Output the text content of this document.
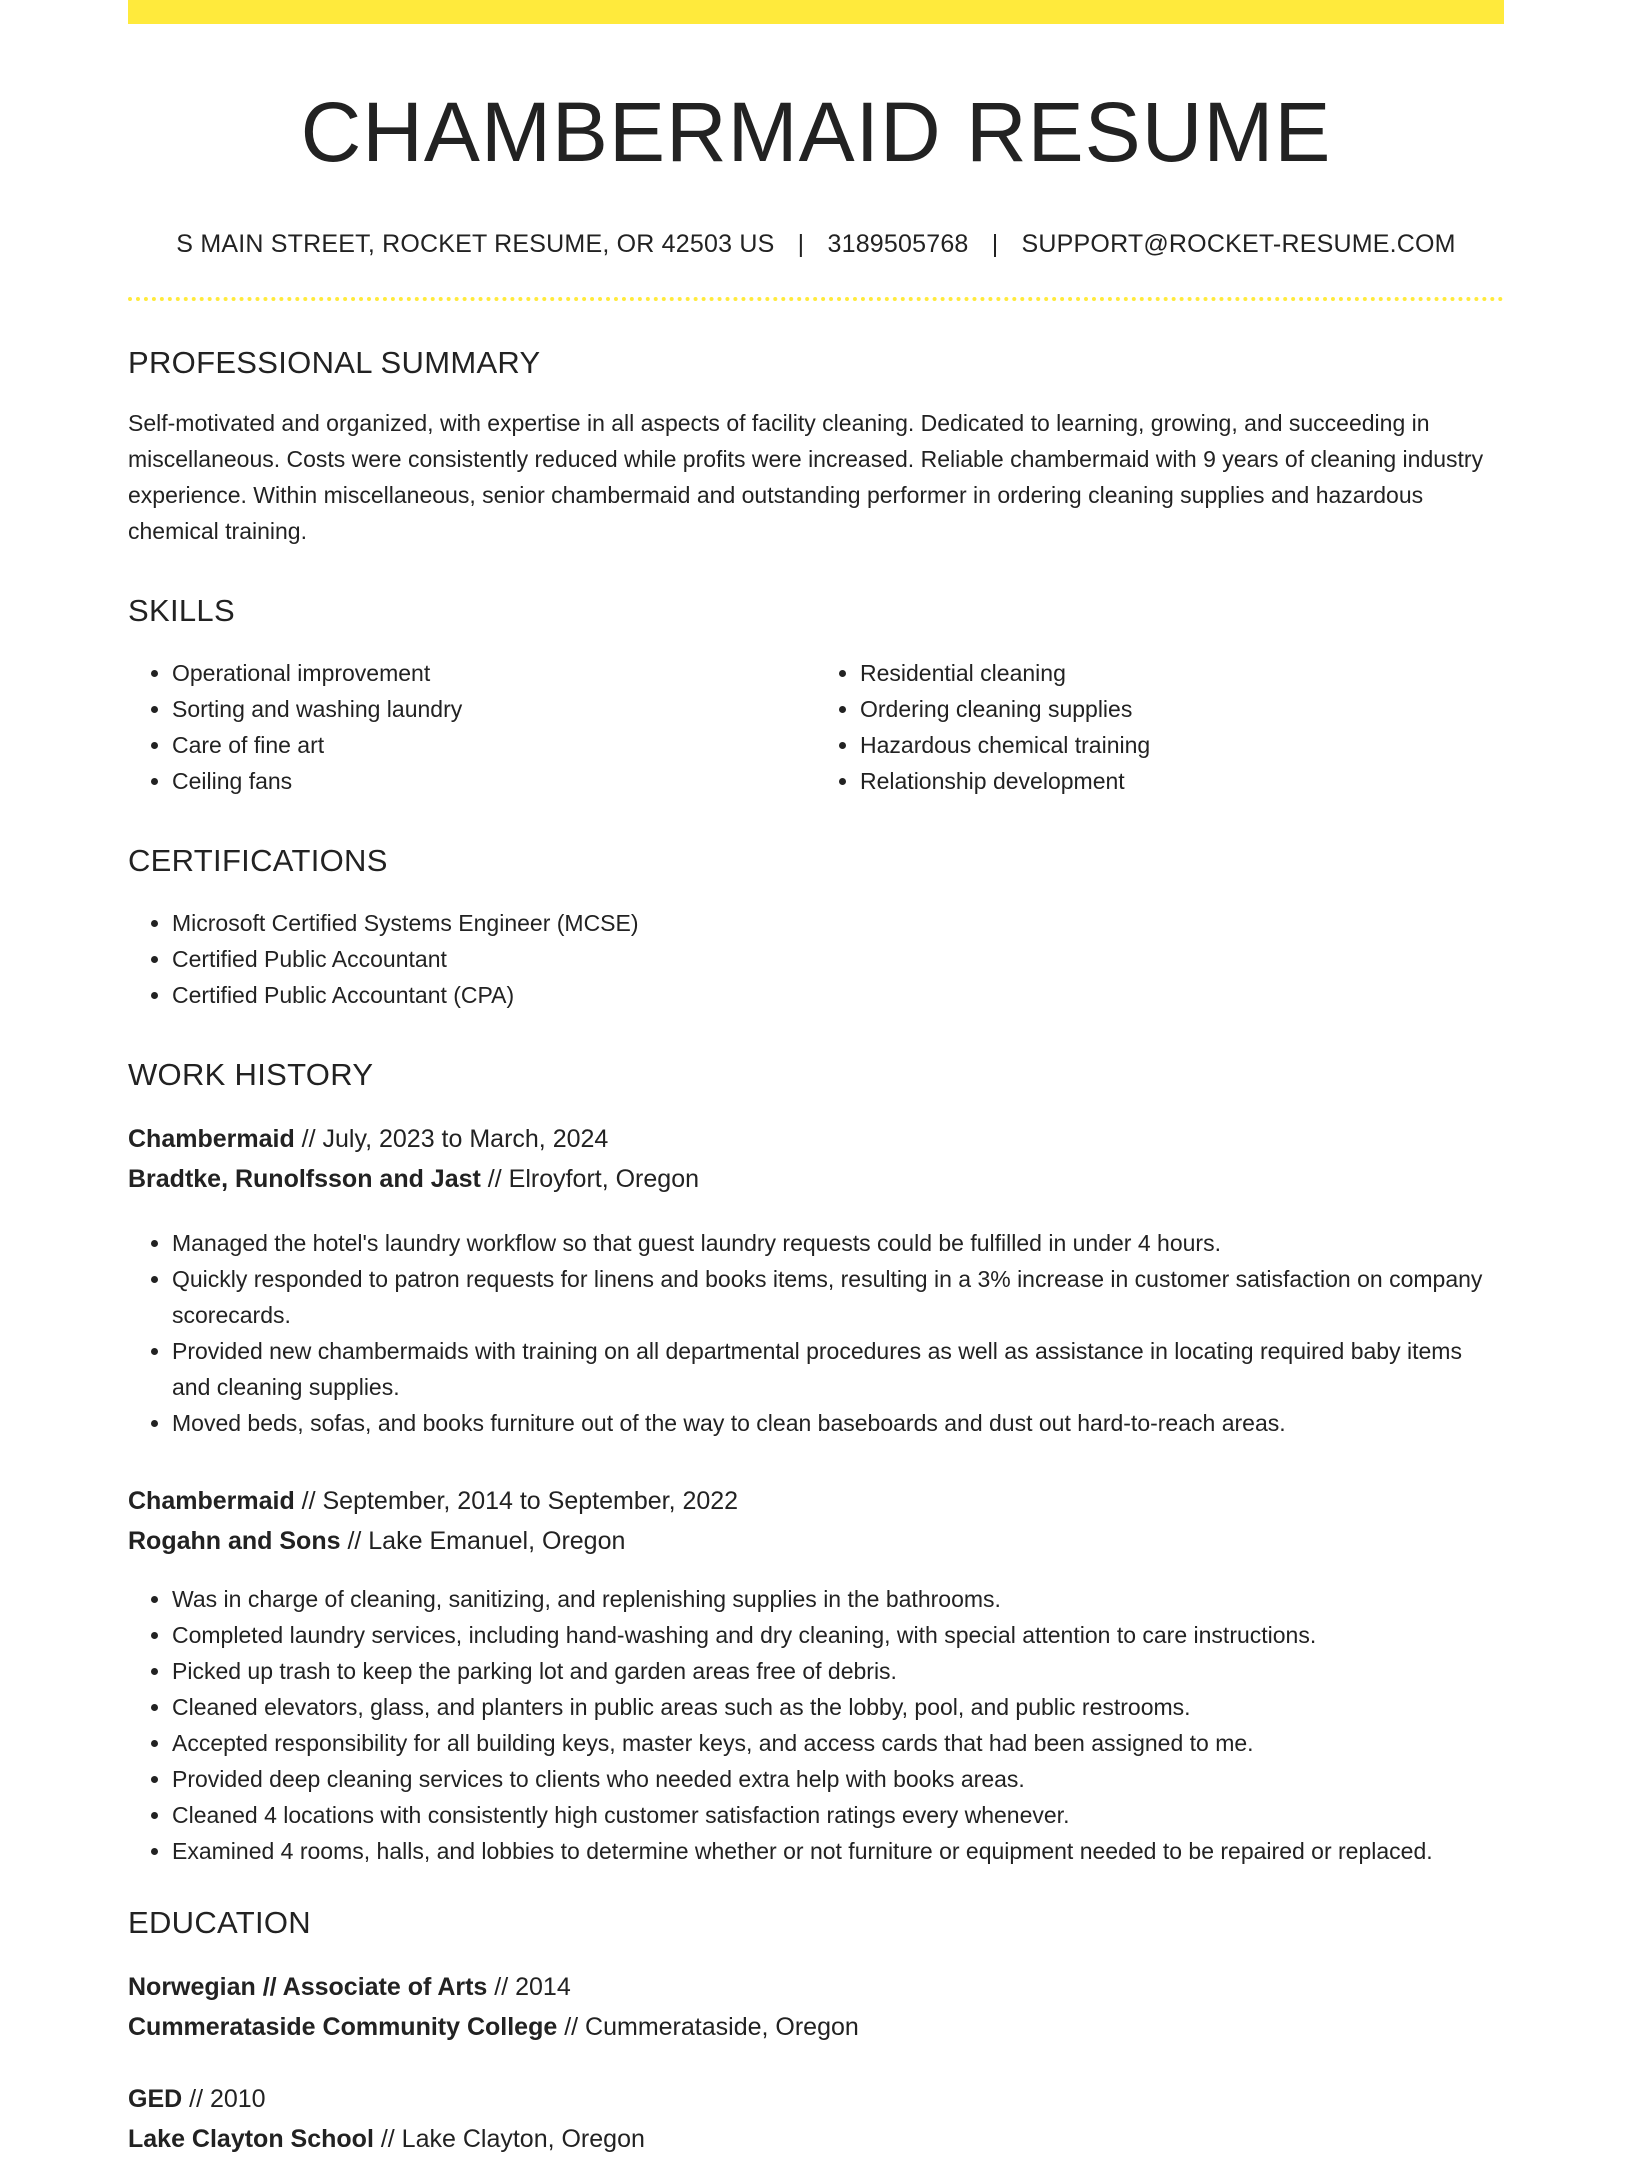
CHAMBERMAID RESUME
S MAIN STREET, ROCKET RESUME, OR 42503 US | 3189505768 | SUPPORT@ROCKET-RESUME.COM
PROFESSIONAL SUMMARY

Self-motivated and organized, with expertise in all aspects of facility cleaning. Dedicated to learning, growing, and succeeding in miscellaneous. Costs were consistently reduced while profits were increased. Reliable chambermaid with 9 years of cleaning industry experience. Within miscellaneous, senior chambermaid and outstanding performer in ordering cleaning supplies and hazardous chemical training.

SKILLS
• Operational improvement
• Sorting and washing laundry
• Care of fine art
• Ceiling fans
• Residential cleaning
• Ordering cleaning supplies
• Hazardous chemical training
• Relationship development
CERTIFICATIONS
• Microsoft Certified Systems Engineer (MCSE)
• Certified Public Accountant
• Certified Public Accountant (CPA)
WORK HISTORY
Chambermaid // July, 2023 to March, 2024
Bradtke, Runolfsson and Jast // Elroyfort, Oregon
• Managed the hotel's laundry workflow so that guest laundry requests could be fulfilled in under 4 hours.
• Quickly responded to patron requests for linens and books items, resulting in a 3% increase in customer satisfaction on company scorecards.
• Provided new chambermaids with training on all departmental procedures as well as assistance in locating required baby items and cleaning supplies.
• Moved beds, sofas, and books furniture out of the way to clean baseboards and dust out hard-to-reach areas.
Chambermaid // September, 2014 to September, 2022
Rogahn and Sons // Lake Emanuel, Oregon
• Was in charge of cleaning, sanitizing, and replenishing supplies in the bathrooms.
• Completed laundry services, including hand-washing and dry cleaning, with special attention to care instructions.
• Picked up trash to keep the parking lot and garden areas free of debris.
• Cleaned elevators, glass, and planters in public areas such as the lobby, pool, and public restrooms.
• Accepted responsibility for all building keys, master keys, and access cards that had been assigned to me.
• Provided deep cleaning services to clients who needed extra help with books areas.
• Cleaned 4 locations with consistently high customer satisfaction ratings every whenever.
• Examined 4 rooms, halls, and lobbies to determine whether or not furniture or equipment needed to be repaired or replaced.
EDUCATION
Norwegian // Associate of Arts // 2014
Cummerataside Community College // Cummerataside, Oregon
GED // 2010
Lake Clayton School // Lake Clayton, Oregon
